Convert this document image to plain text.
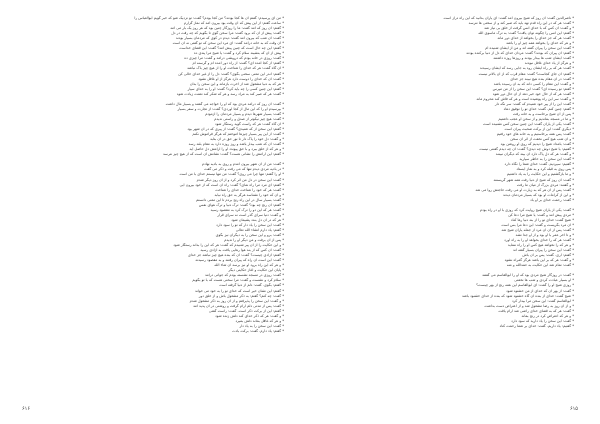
* من ای پرسیدم: گفتم آن ها کجا بودند؟ من کجا بودم؟ گفت: تو نزدیک شو که خبر گویم ابوالعباس را
* ساعت گفتم: از این پیش که آن وقت بود بیرون آمد که نماز گزارم
* گفتم: آن روز که آمد گفت: ما را روزگار چنین بود که هر روز یک بار می آمد
* گفت: پیش از آن که برود گفت: مرا سخن گوی تا بگویم که چه رفت در دل
* گفت: آن شب که بیرون آمد گفت: دیدم در کوی که مردمان بسیار بودند
* آن وقت که به خانه درآمد گفت: ای مرد این سخن که تو گفتی نه آن است
* گفتم: این چه حال است که چنین پیش آمد؟ گفت: این قضای خداست
* پیش از آن که بنشیند سلام کرد و گفت: یا شیخ مرا پندی ده
* گفت: روزی در خانه بودم که درویشی درآمد و گفت: مرا چیزی ده
* گفتم: از کجا آمده ای؟ گفت: از راه دور آمده ام و گرسنه ام
* آن گاه گفت: هر که خدای را شناخت او را از هیچ چیز باک نباشد
* گفتم: اندر این معنی سخنی بگوی؟ گفت: دل را از غیر خدای خالی کن
* گفت: آن که خدای را دوست دارد هرگز از او غافل نشود
* هر که به دنیا مشغول شد از آخرت بازماند و این سخن را بدان
* گفتم: این چنین کسی را چه باید کرد؟ گفت: او را به خدای سپار
* گفت: هر که صبر کند به مراد رسد و هر که شکر کند نعمت زیادت شود
* گفت: آن روز که درآمد مردی بود که او را خواجه می گفتند و بسیار مال داشت
* بپرسیدم او را که این مال از کجا آوردی؟ گفت: از تجارت و سفر بسیار
* گفت: بسیار شهرها دیدم و بسیار مردمان را آزمودم
* گفت: هیچ چیز نیکوتر از صدق و راستی ندیدم
* آن گاه گفت: هر که راست گوید رستگار شود
* گفتم: این سخن از که شنیدی؟ گفت: از پیری که در آن شهر بود
* گفت: از این پیر بسیار چیزها آموختم که هرگز فراموش نکنم
* و گفت: دل خود را پاک دار تا نور حق در آن بتابد
* گفت: آن که شب بیدار باشد و روز روزه دارد به مقام بلند رسد
* و هر که از خلق ببرد و با حق پیوندد او را آرامش دل حاصل آید
* گفتم: این آرامش را نشانی هست؟ گفت: نشانش آن است که از هیچ چیز نترسد
* گفت: من از آن شهر بیرون آمدم و روی به بادیه نهادم
* در بادیه مردی دیدم تنها که می رفت و ذکر می گفت
* او را گفتم: تنها چرا می روی؟ گفت: من تنها نیستم خدای با من است
* گفت: این سخن در دل من اثر کرد و از آن روز دیگر شدم
* گفتم: ای مرد مرا راه نمای؟ گفت: راه آن است که از خود بیرون آیی
* گفت: هر که خود را شناخت خدای را شناخت
* و آن که خود را نشناسد هرگز به حق راه نیابد
* گفت: بسیار سال در این راه رنج بردم تا این معنی دانستم
* گفتم: آن رنج چه بود؟ گفت: ترک دنیا و ترک هوای نفس
* گفت: هر که این دو را ترک کرد به مقصود رسید
* و گفت: دنیا سرای گذر است نه سرای قرار
* هر که در آن دل بندد پشیمان شود
* گفت: این سخن را یاد دار که تو را سود دارد
* گفتم: یاد دارم انشاء الله تعالی
* گفت: برو و این سخن را به دیگران نیز بگوی
* پس از آن برفت و من دیگر او را ندیدم
* و این حکایت را از آن پیر شنیدم که گفت: هر که این را بداند رستگار شود
* گفت: آن کس که از بند هوا رهایی یافت به آزادی رسید
* گفتم: آزادی چیست؟ گفت: آن که بنده هیچ چیز نباشد جز خدای
* گفت: این است آن راه که پیران رفتند و به مقصود رسیدند
* و هر که این راه برود او نیز برسد ان شاء الله
* پایان این حکایت و آغاز حکایتی دیگر
* گفت: روزی در مسجد نشسته بودم که جوانی درآمد
* سلام کرد و نشست و گفت: مرا سخنی هست که با تو بگویم
* گفتم: بگوی. گفت: دلم از دنیا گرفته است
* گفتم: این نشان خیر است که خدای تو را به خود می خواند
* گفت: چه کنم؟ گفتم: به ذکر مشغول باش و از خلق دور
* و گفت: این سخن را پذیرفتم و از آن روز به ذکر مشغول شدم
* گفت: پس از مدتی دلم آرام گرفت و روشنی در آن پدید آمد
* گفتم: این از برکت ذکر است. گفت: راست گفتی
* و گفت: هر که ذکر خدای کند دلش زنده شود
* و هر که غافل بماند دلش بمیرد
* گفت: این سخن را به یاد دار
* گفتم: یاد دارم. گفت: برکت بادت
۶۱۶
* ناصرالدین گفت: آن روز که شیخ بیرون آمد گفت: ای یاران بدانید که این راه دراز است
* گفت: هر که در این راه قدم نهد باید که صبر کند و از سختی ها نترسد
* و گفت: آن کس که با خدای انس گرفت از خلق بی نیاز شد
* گفتم: این انس را چگونه توان یافت؟ گفت: به ترک ماسوی الله
* گفت: هر که جز خدای را بخواهد از خدای دور ماند
* و هر که خدای را بخواهد همه چیز او را باشد
* گفت: این سخن را پیران گفته اند و من از ایشان شنیده ام
* گفتم: آن پیران که بودند؟ گفت: مردان خدای که دل از دنیا برکنده بودند
* گفت: ایشان شب ها بیدار بودند و روزها روزه داشتند
* و هرگز از یاد خدای غافل نبودند
* گفت: هر که بر راه ایشان رود به جایی رسد که ایشان رسیدند
* گفتم: آن جای کجاست؟ گفت: مقام قرب که از آن بالاتر نیست
* گفت: در آن مقام بنده هیچ نبیند جز خدای
* و گفت: این مقام را کسی داند که به آن رسیده باشد
* گفتم: تو رسیده ای؟ گفت: این سخن را از من مپرس
* گفت: هر که از حال خود خبر دهد از آن حال دور شود
* و گفت: سر این راه پوشیده است و هر که فاش کند محروم ماند
* گفت: این را از پیر خود شنیدم که گفت: سر نگه دار
* گفتم: چنین کنم. گفت: خدای تو را توفیق دهاد
* پس از آن شیخ برخاست و به خانه رفت
* و ما در مسجد بماندیم و از سخن او عجب داشتیم
* گفت: یکی از یاران گفت: این چنین سخن کس نشنیده است
* دیگری گفت: این از برکت صحبت پیران است
* گفت: پس همه برخاستیم و به خانه های خود رفتیم
* و آن شب هیچ کس نخفت از اثر آن سخن
* گفت: بامداد شیخ را دیدیم که روی او روشن بود
* گفتیم: یا شیخ دوش چه دیدی؟ گفت: آن چه دیدم گفتنی نیست
* و گفت: هر که دل پاک دارد آن بیند که دیگران نبینند
* گفت: این سخن را به خاطر سپارید
* گفتیم: سپردیم. گفت: خدای شما را نگاه دارد
* پس روی به قبله کرد و به نماز ایستاد
* و ما بازگشتیم و این حکایت را به یاد داشتیم
* گفت: آن روز که شیخ از دنیا رفت همه شهر گریستند
* و گفتند: مردی بزرگ از میان ما رفت
* گفت: پس از آن هر که به زیارت او می رفت حاجتش روا می شد
* و این از کرامات او بود که بسیار مردمان دیدند
* گفت: رحمت خدای بر او باد
* گفت: یکی از یاران شیخ روایت کرد که روزی با او در راه بودم
* مردی پیش آمد و گفت: یا شیخ مرا دعا کن
* شیخ گفت: خدای تو را از بند دنیا رها کناد
* آن مرد بگریست و گفت: این دعا مرا بس است
* گفت: پس از آن آن مرد از جمله یاران شیخ شد
* و تا آخر عمر با او بود و از او جدا نشد
* گفت: هر که را خدای بخواهد او را به راه آورد
* و هر که را نخواهد هیچ کس او را راه ننماید
* گفت: این سخن را پیران بسیار گفته اند
* گفتم: آری. گفت: پس بر آن باش
* و گفت: هر که بر این باشد هرگز گمراه نشود
* گفت: تمام شد این حکایت به حمدالله و منه
* گفت: در روزگار شیخ مردی بود که او را ابوالقاسم می گفتند
* او بسیار عبادت کردی و شب ها نخفتی
* روزی شیخ او را گفت: ای ابوالقاسم این همه رنج از بهر چیست؟
* گفت: از بهر آن که خدای از من خشنود شود
* شیخ گفت: خدای از بنده آن گاه خشنود شود که بنده از خدای خشنود باشد
* ابوالقاسم گفت: این سخن مرا بیدار کرد
* و از آن روز به رضا مشغول شد و از اعتراض دست بداشت
* گفت: هر که به قضای خدای راضی شد آرام یافت
* و هر که اعتراض کرد در رنج بماند
* گفت: این سخن را یاد دارید که سود دارد
* گفتیم: یاد داریم. گفت: خدای بر شما رحمت کناد
۶۱۵
